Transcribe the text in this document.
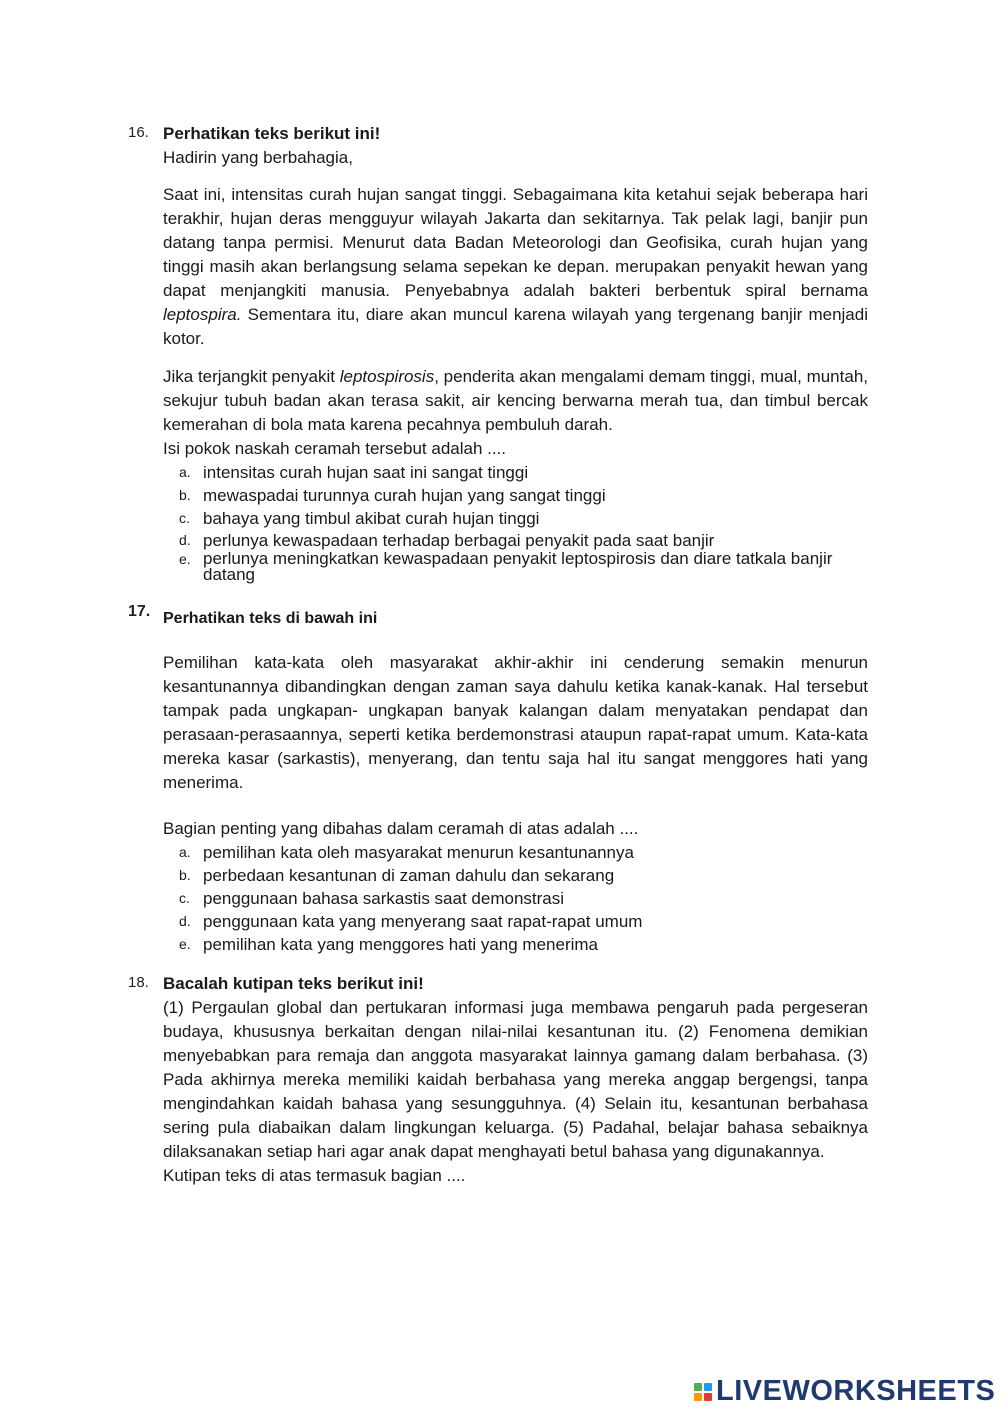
16. Perhatikan teks berikut ini!

Hadirin yang berbahagia,

Saat ini, intensitas curah hujan sangat tinggi. Sebagaimana kita ketahui sejak beberapa hari terakhir, hujan deras mengguyur wilayah Jakarta dan sekitarnya. Tak pelak lagi, banjir pun datang tanpa permisi. Menurut data Badan Meteorologi dan Geofisika, curah hujan yang tinggi masih akan berlangsung selama sepekan ke depan. merupakan penyakit hewan yang dapat menjangkiti manusia. Penyebabnya adalah bakteri berbentuk spiral bernama leptospira. Sementara itu, diare akan muncul karena wilayah yang tergenang banjir menjadi kotor.

Jika terjangkit penyakit leptospirosis, penderita akan mengalami demam tinggi, mual, muntah, sekujur tubuh badan akan terasa sakit, air kencing berwarna merah tua, dan timbul bercak kemerahan di bola mata karena pecahnya pembuluh darah.

Isi pokok naskah ceramah tersebut adalah ....

a. intensitas curah hujan saat ini sangat tinggi
b. mewaspadai turunnya curah hujan yang sangat tinggi
c. bahaya yang timbul akibat curah hujan tinggi
d. perlunya kewaspadaan terhadap berbagai penyakit pada saat banjir
e. perlunya meningkatkan kewaspadaan penyakit leptospirosis dan diare tatkala banjir datang
17. Perhatikan teks di bawah ini

Pemilihan kata-kata oleh masyarakat akhir-akhir ini cenderung semakin menurun kesantunannya dibandingkan dengan zaman saya dahulu ketika kanak-kanak. Hal tersebut tampak pada ungkapan- ungkapan banyak kalangan dalam menyatakan pendapat dan perasaan-perasaannya, seperti ketika berdemonstrasi ataupun rapat-rapat umum. Kata-kata mereka kasar (sarkastis), menyerang, dan tentu saja hal itu sangat menggores hati yang menerima.

Bagian penting yang dibahas dalam ceramah di atas adalah ....

a. pemilihan kata oleh masyarakat menurun kesantunannya
b. perbedaan kesantunan di zaman dahulu dan sekarang
c. penggunaan bahasa sarkastis saat demonstrasi
d. penggunaan kata yang menyerang saat rapat-rapat umum
e. pemilihan kata yang menggores hati yang menerima
18. Bacalah kutipan teks berikut ini!

(1) Pergaulan global dan pertukaran informasi juga membawa pengaruh pada pergeseran budaya, khususnya berkaitan dengan nilai-nilai kesantunan itu. (2) Fenomena demikian menyebabkan para remaja dan anggota masyarakat lainnya gamang dalam berbahasa. (3) Pada akhirnya mereka memiliki kaidah berbahasa yang mereka anggap bergengsi, tanpa mengindahkan kaidah bahasa yang sesungguhnya. (4) Selain itu, kesantunan berbahasa sering pula diabaikan dalam lingkungan keluarga. (5) Padahal, belajar bahasa sebaiknya dilaksanakan setiap hari agar anak dapat menghayati betul bahasa yang digunakannya.

Kutipan teks di atas termasuk bagian ....

LIVEWORKSHEETS
